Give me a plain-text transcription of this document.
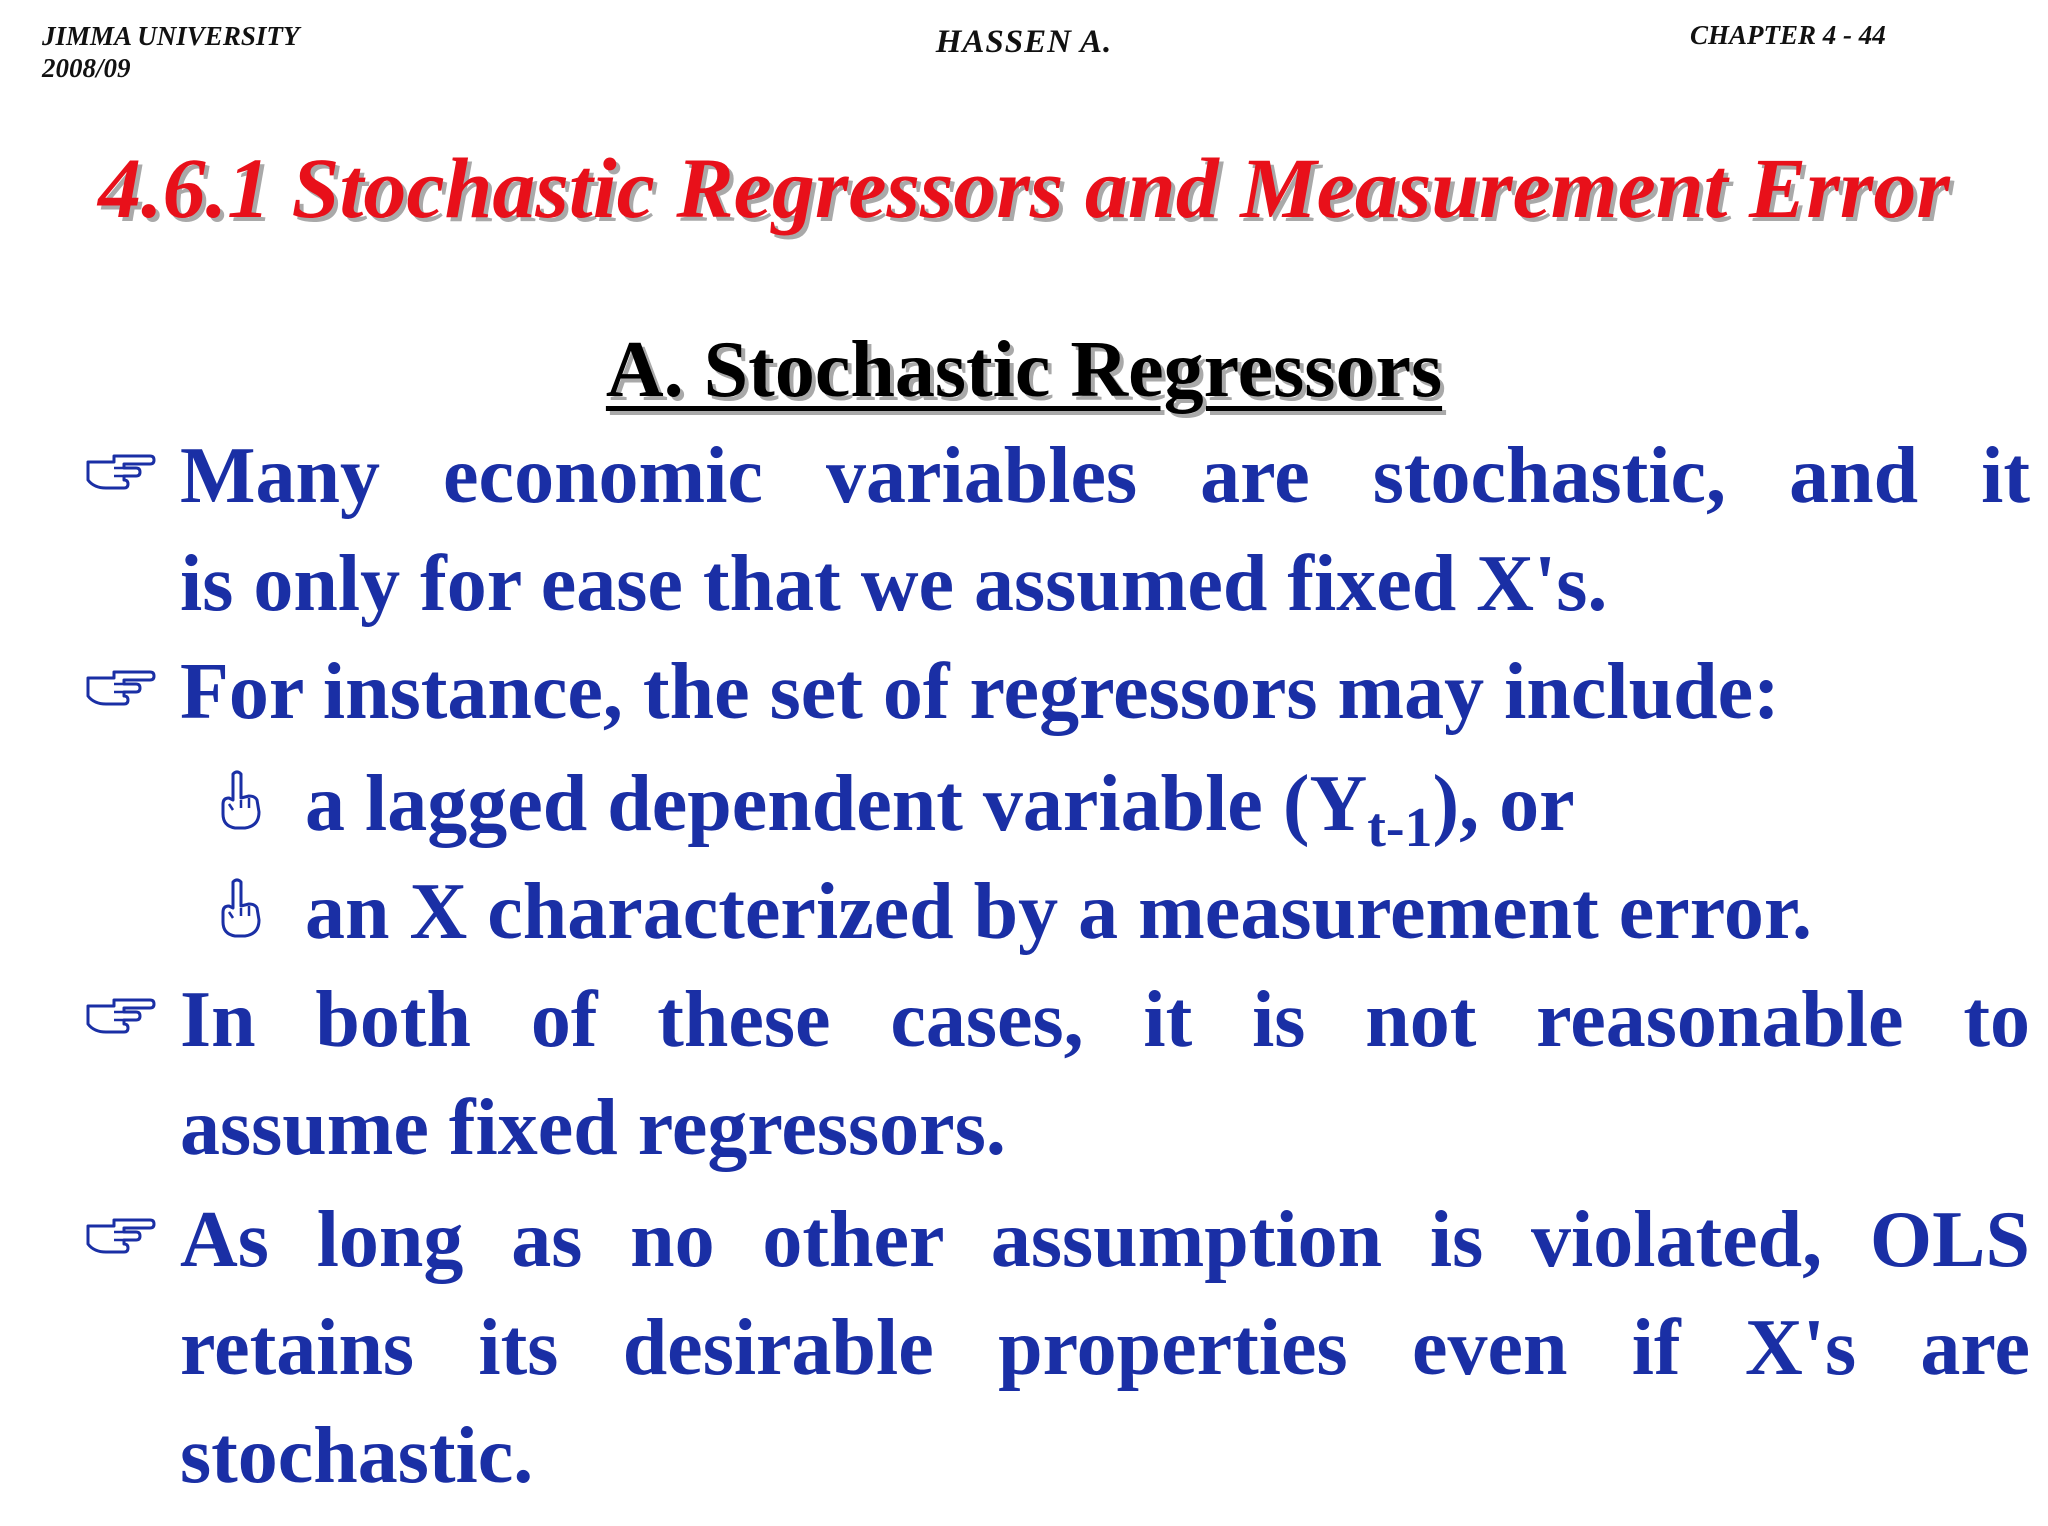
JIMMA UNIVERSITY
2008/09
HASSEN A.	CHAPTER 4 - 44
4.6.1 Stochastic Regressors and Measurement Error
A. Stochastic Regressors
Many economic variables are stochastic, and it
is only for ease that we assumed fixed X's.
For instance, the set of regressors may include:
a lagged dependent variable $(Y_{t-1})$, or
an X characterized by a measurement error.
In both of these cases, it is not reasonable to
assume fixed regressors.
As long as no other assumption is violated, OLS
retains its desirable properties even if X's are
stochastic.
